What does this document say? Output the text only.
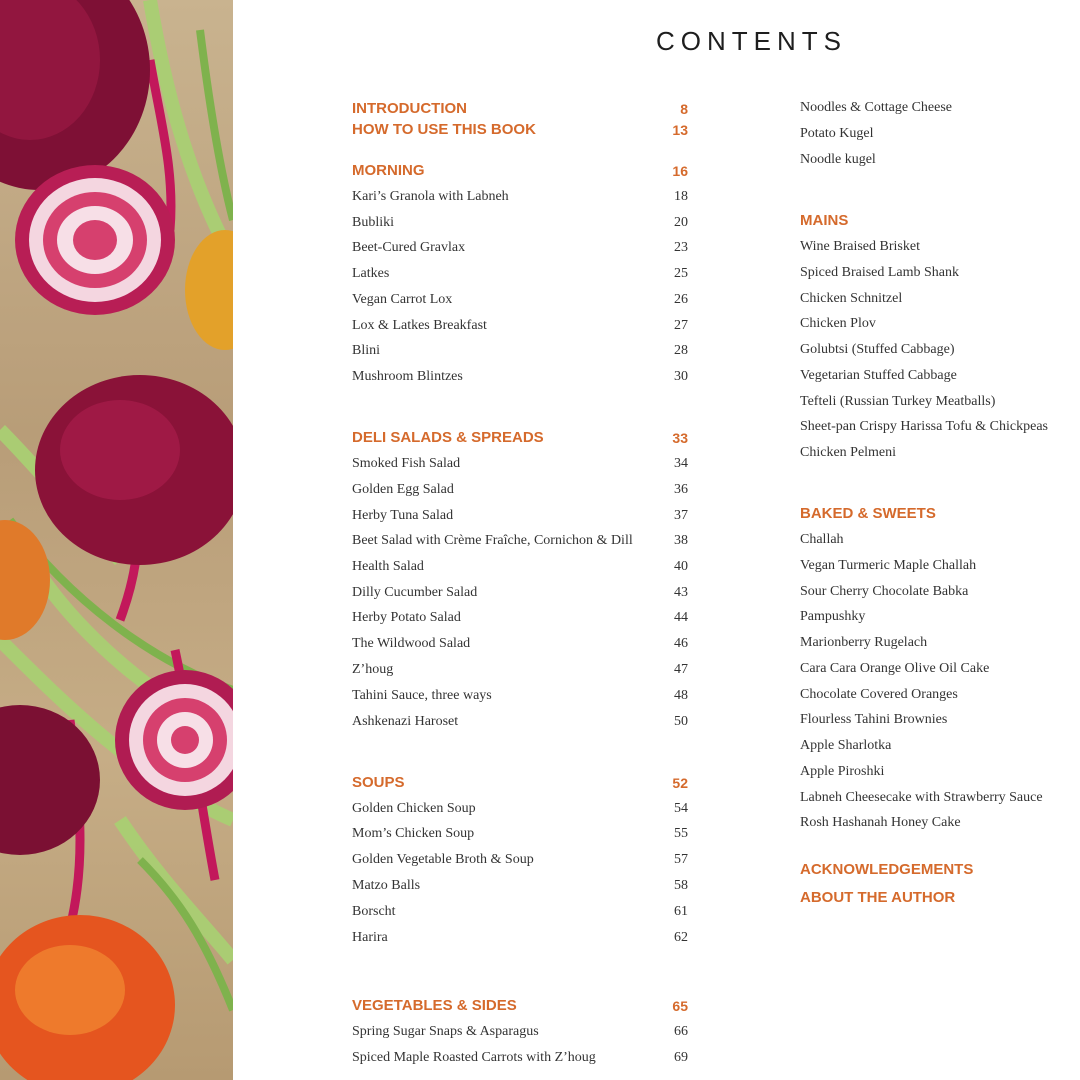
CONTENTS
INTRODUCTION	8
HOW TO USE THIS BOOK	13
MORNING	16
Kari’s Granola with Labneh	18
Bubliki	20
Beet-Cured Gravlax	23
Latkes	25
Vegan Carrot Lox	26
Lox & Latkes Breakfast	27
Blini	28
Mushroom Blintzes	30
DELI SALADS & SPREADS	33
Smoked Fish Salad	34
Golden Egg Salad	36
Herby Tuna Salad	37
Beet Salad with Crème Fraîche, Cornichon & Dill	38
Health Salad	40
Dilly Cucumber Salad	43
Herby Potato Salad	44
The Wildwood Salad	46
Z’houg	47
Tahini Sauce, three ways	48
Ashkenazi Haroset	50
SOUPS	52
Golden Chicken Soup	54
Mom’s Chicken Soup	55
Golden Vegetable Broth & Soup	57
Matzo Balls	58
Borscht	61
Harira	62
VEGETABLES & SIDES	65
Spring Sugar Snaps & Asparagus	66
Spiced Maple Roasted Carrots with Z’houg	69
Noodles & Cottage Cheese
Potato Kugel
Noodle kugel
MAINS
Wine Braised Brisket
Spiced Braised Lamb Shank
Chicken Schnitzel
Chicken Plov
Golubtsi (Stuffed Cabbage)
Vegetarian Stuffed Cabbage
Tefteli (Russian Turkey Meatballs)
Sheet-pan Crispy Harissa Tofu & Chickpeas
Chicken Pelmeni
BAKED & SWEETS
Challah
Vegan Turmeric Maple Challah
Sour Cherry Chocolate Babka
Pampushky
Marionberry Rugelach
Cara Cara Orange Olive Oil Cake
Chocolate Covered Oranges
Flourless Tahini Brownies
Apple Sharlotka
Apple Piroshki
Labneh Cheesecake with Strawberry Sauce
Rosh Hashanah Honey Cake
ACKNOWLEDGEMENTS
ABOUT THE AUTHOR
